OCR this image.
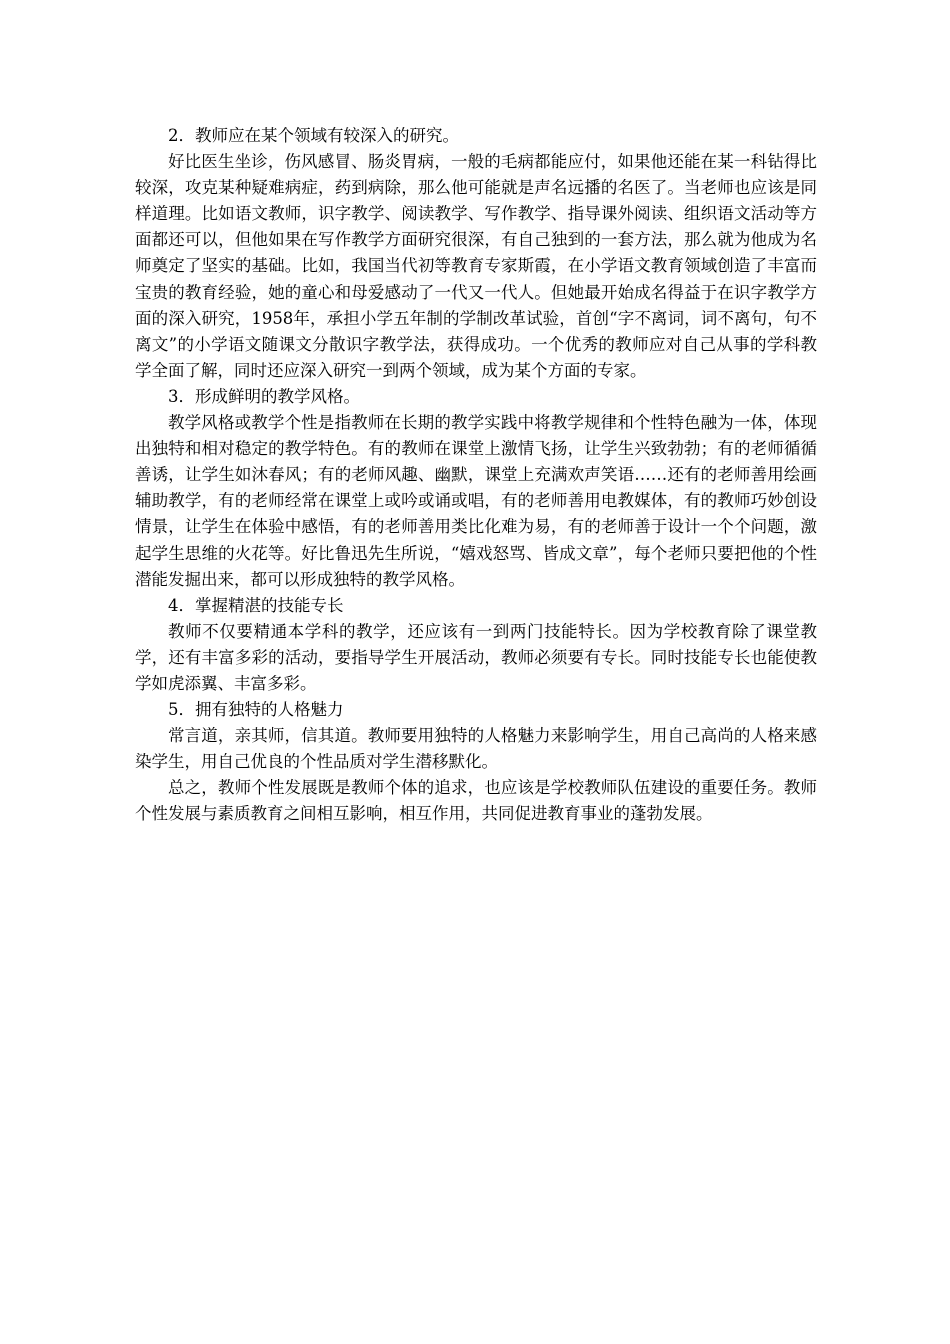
2．教师应在某个领域有较深入的研究。

好比医生坐诊，伤风感冒、肠炎胃病，一般的毛病都能应付，如果他还能在某一科钻得比较深，攻克某种疑难病症，药到病除，那么他可能就是声名远播的名医了。当老师也应该是同样道理。比如语文教师，识字教学、阅读教学、写作教学、指导课外阅读、组织语文活动等方面都还可以，但他如果在写作教学方面研究很深，有自己独到的一套方法，那么就为他成为名师奠定了坚实的基础。比如，我国当代初等教育专家斯霞，在小学语文教育领域创造了丰富而宝贵的教育经验，她的童心和母爱感动了一代又一代人。但她最开始成名得益于在识字教学方面的深入研究，1958年，承担小学五年制的学制改革试验，首创“字不离词，词不离句，句不离文”的小学语文随课文分散识字教学法，获得成功。一个优秀的教师应对自己从事的学科教学全面了解，同时还应深入研究一到两个领域，成为某个方面的专家。

3．形成鲜明的教学风格。

教学风格或教学个性是指教师在长期的教学实践中将教学规律和个性特色融为一体，体现出独特和相对稳定的教学特色。有的教师在课堂上激情飞扬，让学生兴致勃勃；有的老师循循善诱，让学生如沐春风；有的老师风趣、幽默，课堂上充满欢声笑语……还有的老师善用绘画辅助教学，有的老师经常在课堂上或吟或诵或唱，有的老师善用电教媒体，有的教师巧妙创设情景，让学生在体验中感悟，有的老师善用类比化难为易，有的老师善于设计一个个问题，激起学生思维的火花等。好比鲁迅先生所说，“嬉戏怒骂、皆成文章”，每个老师只要把他的个性潜能发掘出来，都可以形成独特的教学风格。

4．掌握精湛的技能专长

教师不仅要精通本学科的教学，还应该有一到两门技能特长。因为学校教育除了课堂教学，还有丰富多彩的活动，要指导学生开展活动，教师必须要有专长。同时技能专长也能使教学如虎添翼、丰富多彩。

5．拥有独特的人格魅力

常言道，亲其师，信其道。教师要用独特的人格魅力来影响学生，用自己高尚的人格来感染学生，用自己优良的个性品质对学生潜移默化。

总之，教师个性发展既是教师个体的追求，也应该是学校教师队伍建设的重要任务。教师个性发展与素质教育之间相互影响，相互作用，共同促进教育事业的蓬勃发展。
